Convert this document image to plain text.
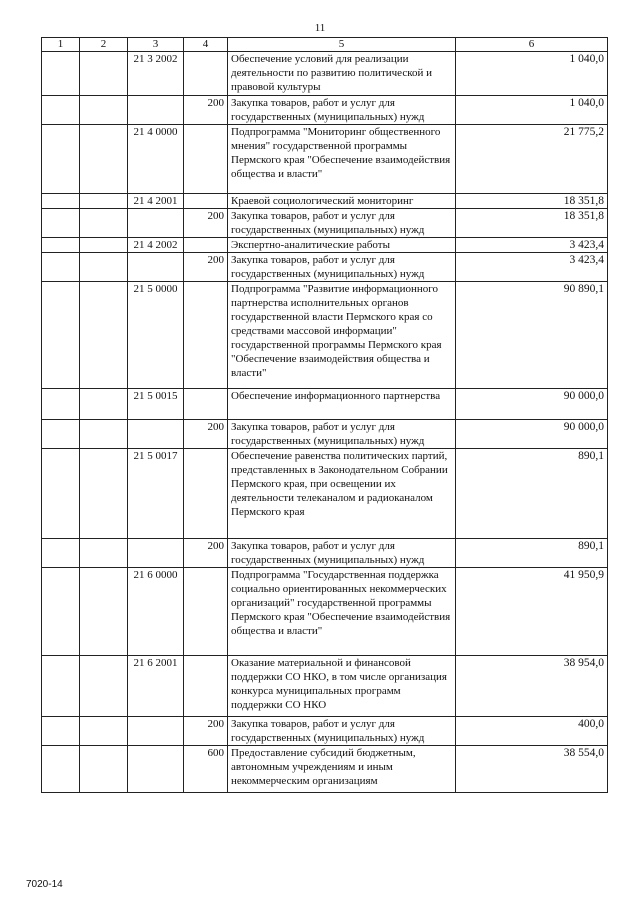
11
1	2	3	4	5	6
		21 3 2002		Обеспечение условий для реализации деятельности по развитию политической и правовой культуры	1 040,0
			200	Закупка товаров, работ и услуг для государственных (муниципальных) нужд	1 040,0
		21 4 0000		Подпрограмма "Мониторинг общественного мнения" государственной программы Пермского края "Обеспечение взаимодействия общества и власти"	21 775,2
		21 4 2001		Краевой социологический мониторинг	18 351,8
			200	Закупка товаров, работ и услуг для государственных (муниципальных) нужд	18 351,8
		21 4 2002		Экспертно-аналитические работы	3 423,4
			200	Закупка товаров, работ и услуг для государственных (муниципальных) нужд	3 423,4
		21 5 0000		Подпрограмма "Развитие информационного партнерства исполнительных органов государственной власти Пермского края со средствами массовой информации" государственной программы Пермского края "Обеспечение взаимодействия общества и власти"	90 890,1
		21 5 0015		Обеспечение информационного партнерства	90 000,0
			200	Закупка товаров, работ и услуг для государственных (муниципальных) нужд	90 000,0
		21 5 0017		Обеспечение равенства политических партий, представленных в Законодательном Собрании Пермского края, при освещении их деятельности телеканалом и радиоканалом Пермского края	890,1
			200	Закупка товаров, работ и услуг для государственных (муниципальных) нужд	890,1
		21 6 0000		Подпрограмма "Государственная поддержка социально ориентированных некоммерческих организаций" государственной программы Пермского края "Обеспечение взаимодействия общества и власти"	41 950,9
		21 6 2001		Оказание материальной и финансовой поддержки СО НКО, в том числе организация конкурса муниципальных программ поддержки СО НКО	38 954,0
			200	Закупка товаров, работ и услуг для государственных (муниципальных) нужд	400,0
			600	Предоставление субсидий бюджетным, автономным учреждениям и иным некоммерческим организациям	38 554,0
7020-14
